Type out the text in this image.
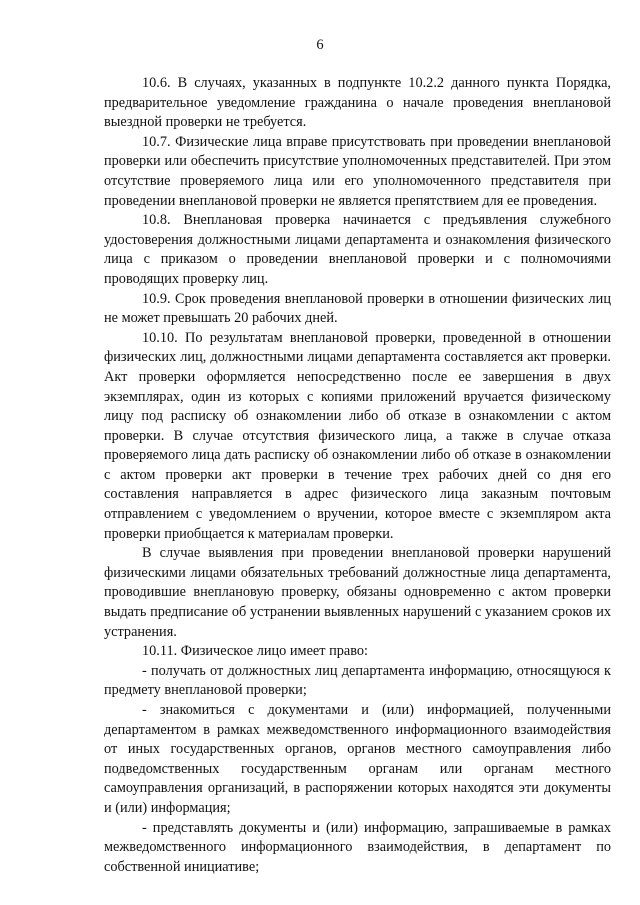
6

10.6. В случаях, указанных в подпункте 10.2.2 данного пункта Порядка, предварительное уведомление гражданина о начале проведения внеплановой выездной проверки не требуется.

10.7. Физические лица вправе присутствовать при проведении внеплановой проверки или обеспечить присутствие уполномоченных представителей. При этом отсутствие проверяемого лица или его уполномоченного представителя при проведении внеплановой проверки не является препятствием для ее проведения.

10.8. Внеплановая проверка начинается с предъявления служебного удостоверения должностными лицами департамента и ознакомления физического лица с приказом о проведении внеплановой проверки и с полномочиями проводящих проверку лиц.

10.9. Срок проведения внеплановой проверки в отношении физических лиц не может превышать 20 рабочих дней.

10.10. По результатам внеплановой проверки, проведенной в отношении физических лиц, должностными лицами департамента составляется акт проверки. Акт проверки оформляется непосредственно после ее завершения в двух экземплярах, один из которых с копиями приложений вручается физическому лицу под расписку об ознакомлении либо об отказе в ознакомлении с актом проверки. В случае отсутствия физического лица, а также в случае отказа проверяемого лица дать расписку об ознакомлении либо об отказе в ознакомлении с актом проверки акт проверки в течение трех рабочих дней со дня его составления направляется в адрес физического лица заказным почтовым отправлением с уведомлением о вручении, которое вместе с экземпляром акта проверки приобщается к материалам проверки.

В случае выявления при проведении внеплановой проверки нарушений физическими лицами обязательных требований должностные лица департамента, проводившие внеплановую проверку, обязаны одновременно с актом проверки выдать предписание об устранении выявленных нарушений с указанием сроков их устранения.

10.11. Физическое лицо имеет право:

- получать от должностных лиц департамента информацию, относящуюся к предмету внеплановой проверки;

- знакомиться с документами и (или) информацией, полученными департаментом в рамках межведомственного информационного взаимодействия от иных государственных органов, органов местного самоуправления либо подведомственных государственным органам или органам местного самоуправления организаций, в распоряжении которых находятся эти документы и (или) информация;

- представлять документы и (или) информацию, запрашиваемые в рамках межведомственного информационного взаимодействия, в департамент по собственной инициативе;
